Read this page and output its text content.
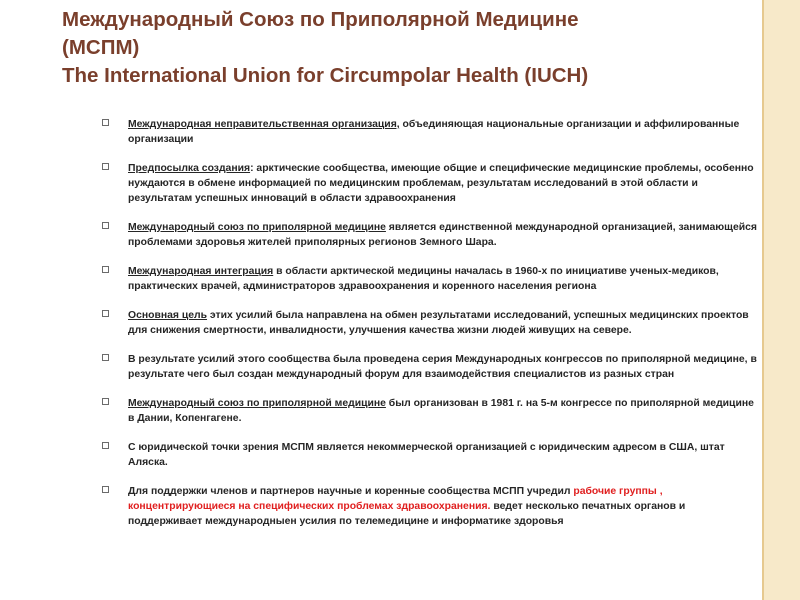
Международный Союз по Приполярной Медицине
(МСПМ)
The International Union for Circumpolar Health (IUCH)
Международная неправительственная организация, объединяющая национальные организации и аффилированные организации
Предпосылка создания: арктические сообщества, имеющие общие и специфические медицинские проблемы, особенно нуждаются в обмене информацией по медицинским проблемам, результатам исследований в этой области и результатам успешных инноваций в области здравоохранения
Международный союз по приполярной медицине является единственной международной организацией, занимающейся проблемами здоровья жителей приполярных регионов Земного Шара.
Международная интеграция в области арктической медицины началась в 1960-х по инициативе ученых-медиков, практических врачей, администраторов здравоохранения и коренного населения региона
Основная цель этих усилий была направлена на обмен результатами исследований, успешных медицинских проектов для снижения смертности, инвалидности, улучшения качества жизни людей живущих на севере.
В результате усилий этого сообщества была проведена серия Международных конгрессов по приполярной медицине, в результате чего был создан международный форум для взаимодействия специалистов из разных стран
Международный союз по приполярной медицине был организован в 1981 г. на 5-м конгрессе по приполярной медицине в Дании, Копенгагене.
С юридической точки зрения МСПМ является некоммерческой организацией с юридическим адресом в США, штат Аляска.
Для поддержки членов и партнеров научные и коренные сообщества МСПП учредил рабочие группы , концентрирующиеся на специфических проблемах здравоохранения. ведет несколько печатных органов и поддерживает международныен усилия по телемедицине и информатике здоровья
